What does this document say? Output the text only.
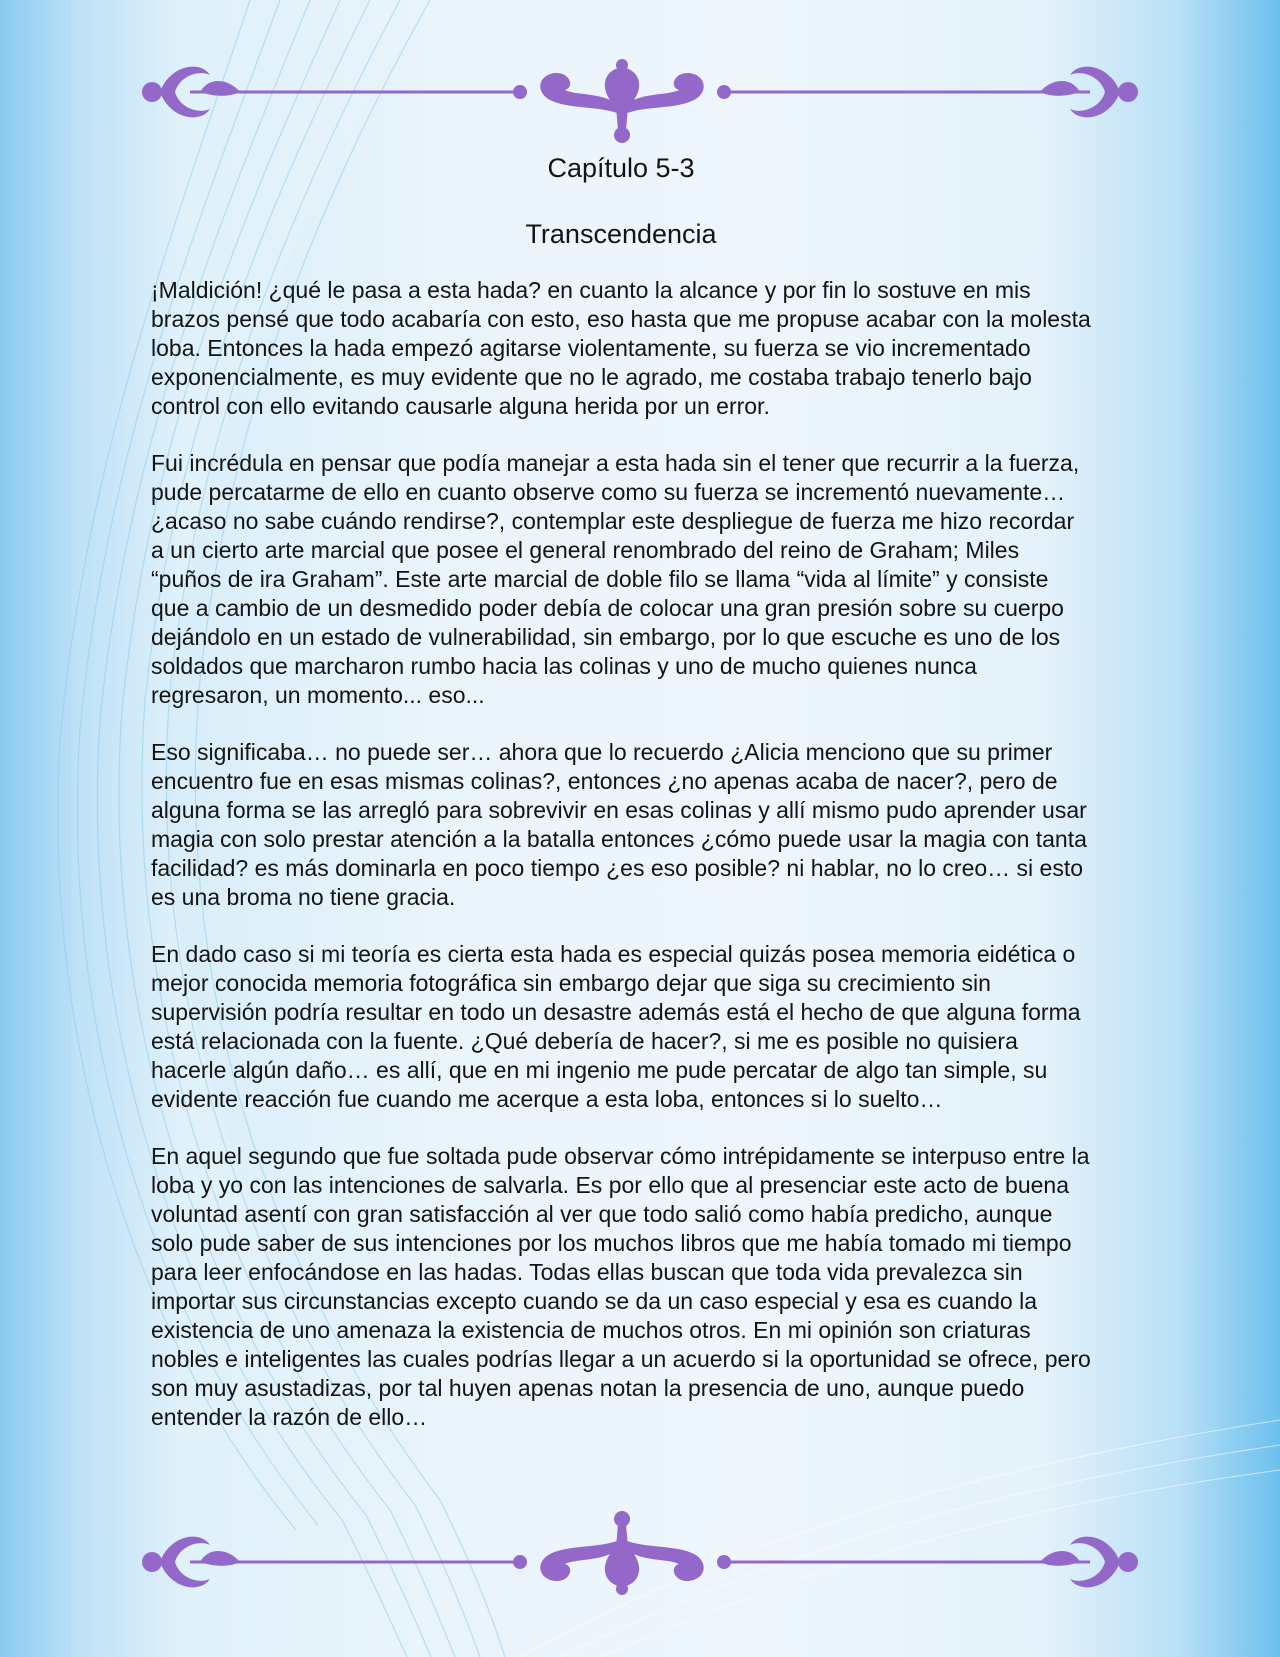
Capítulo 5-3
Transcendencia

¡Maldición! ¿qué le pasa a esta hada? en cuanto la alcance y por fin lo sostuve en mis brazos pensé que todo acabaría con esto, eso hasta que me propuse acabar con la molesta loba. Entonces la hada empezó agitarse violentamente, su fuerza se vio incrementado exponencialmente, es muy evidente que no le agrado, me costaba trabajo tenerlo bajo control con ello evitando causarle alguna herida por un error.

Fui incrédula en pensar que podía manejar a esta hada sin el tener que recurrir a la fuerza, pude percatarme de ello en cuanto observe como su fuerza se incrementó nuevamente… ¿acaso no sabe cuándo rendirse?, contemplar este despliegue de fuerza me hizo recordar a un cierto arte marcial que posee el general renombrado del reino de Graham; Miles “puños de ira Graham”. Este arte marcial de doble filo se llama “vida al límite” y consiste que a cambio de un desmedido poder debía de colocar una gran presión sobre su cuerpo dejándolo en un estado de vulnerabilidad, sin embargo, por lo que escuche es uno de los soldados que marcharon rumbo hacia las colinas y uno de mucho quienes nunca regresaron, un momento... eso...

Eso significaba… no puede ser… ahora que lo recuerdo ¿Alicia menciono que su primer encuentro fue en esas mismas colinas?, entonces ¿no apenas acaba de nacer?, pero de alguna forma se las arregló para sobrevivir en esas colinas y allí mismo pudo aprender usar magia con solo prestar atención a la batalla entonces ¿cómo puede usar la magia con tanta facilidad? es más dominarla en poco tiempo ¿es eso posible? ni hablar, no lo creo… si esto es una broma no tiene gracia.

En dado caso si mi teoría es cierta esta hada es especial quizás posea memoria eidética o mejor conocida memoria fotográfica sin embargo dejar que siga su crecimiento sin supervisión podría resultar en todo un desastre además está el hecho de que alguna forma está relacionada con la fuente. ¿Qué debería de hacer?, si me es posible no quisiera hacerle algún daño… es allí, que en mi ingenio me pude percatar de algo tan simple, su evidente reacción fue cuando me acerque a esta loba, entonces si lo suelto…

En aquel segundo que fue soltada pude observar cómo intrépidamente se interpuso entre la loba y yo con las intenciones de salvarla. Es por ello que al presenciar este acto de buena voluntad asentí con gran satisfacción al ver que todo salió como había predicho, aunque solo pude saber de sus intenciones por los muchos libros que me había tomado mi tiempo para leer enfocándose en las hadas. Todas ellas buscan que toda vida prevalezca sin importar sus circunstancias excepto cuando se da un caso especial y esa es cuando la existencia de uno amenaza la existencia de muchos otros. En mi opinión son criaturas nobles e inteligentes las cuales podrías llegar a un acuerdo si la oportunidad se ofrece, pero son muy asustadizas, por tal huyen apenas notan la presencia de uno, aunque puedo entender la razón de ello…
